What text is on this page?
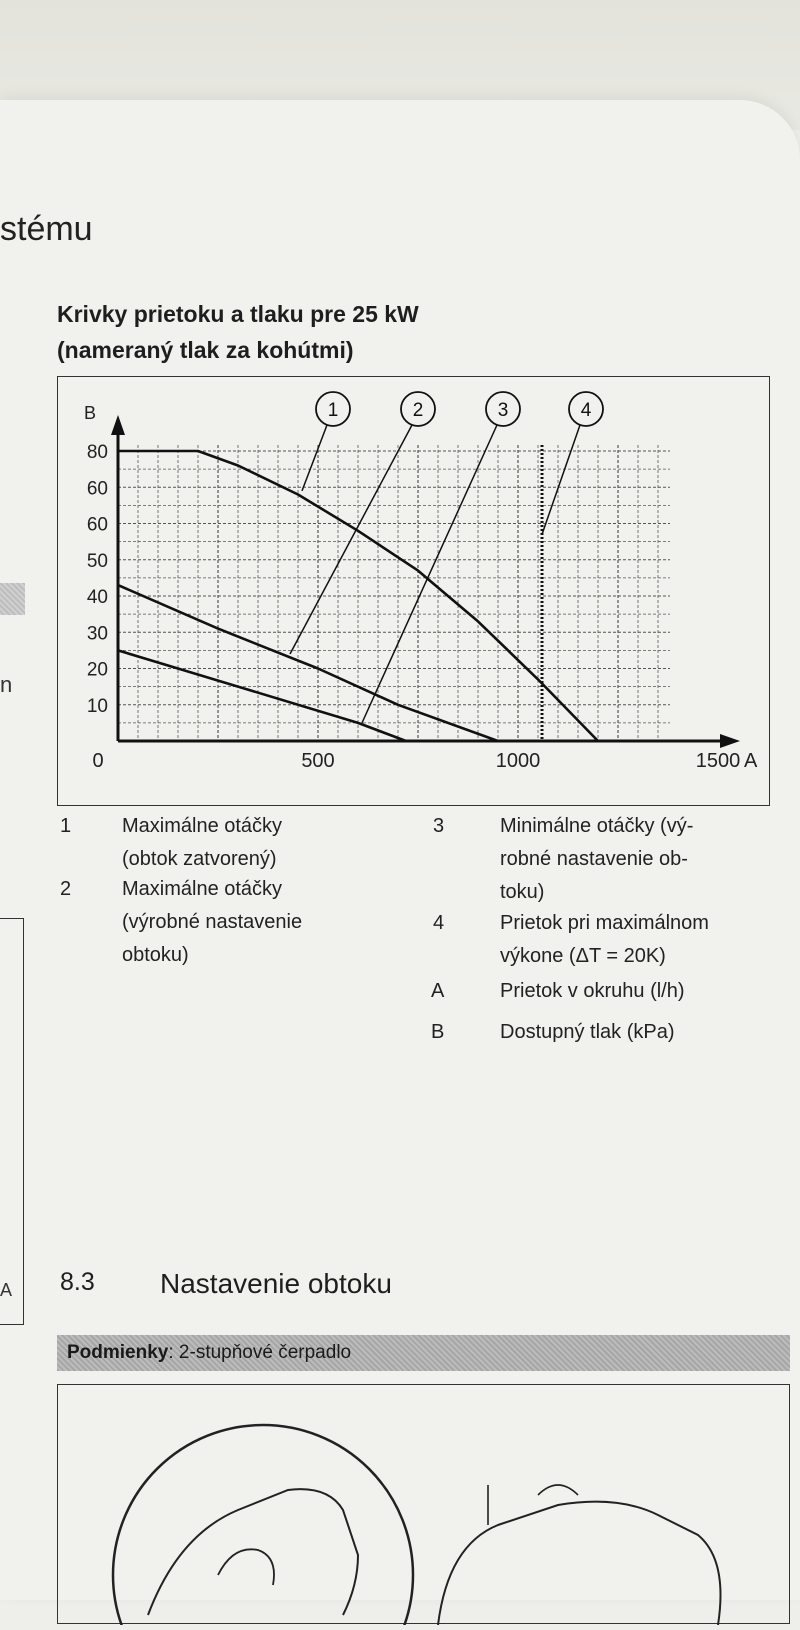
stému
n
A
Krivky prietoku a tlaku pre 25 kW
(nameraný tlak za kohútmi)
B
A
10
20
30
40
50
60
60
80
0	500	1000	1500
1	2	3	4
1	Maximálne otáčky
(obtok zatvorený)
2	Maximálne otáčky
(výrobné nastavenie
obtoku)
3	Minimálne otáčky (vý-
robné nastavenie ob-
toku)
4	Prietok pri maximálnom
výkone (ΔT = 20K)
A	Prietok v okruhu (l/h)
B	Dostupný tlak (kPa)
8.3 Nastavenie obtoku
Podmienky: 2-stupňové čerpadlo
